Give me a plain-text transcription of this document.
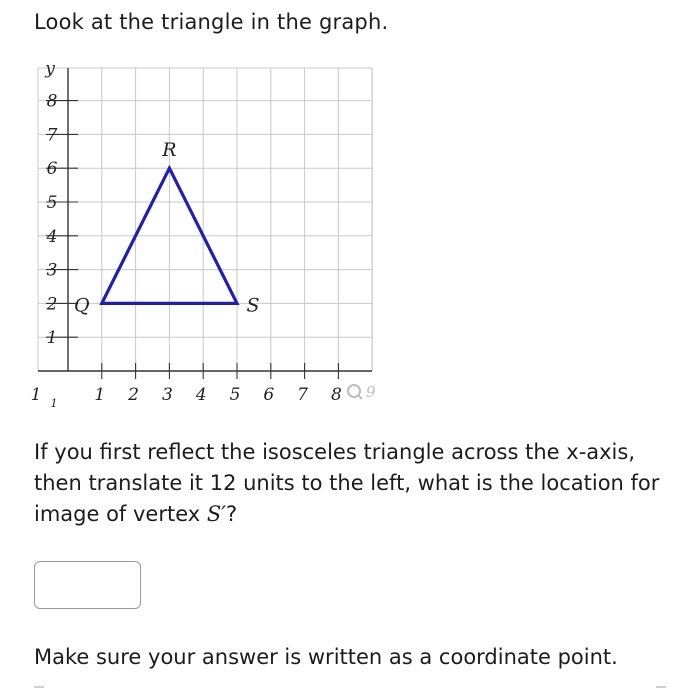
Look at the triangle in the graph.
8
7
6
5
4
3
2
1
y
1 2 3 4 5 6 7 8
1 1
Q
R
S
9
If you first reflect the isosceles triangle across the x-axis, then translate it 12 units to the left, what is the location for image of vertex S′?
Make sure your answer is written as a coordinate point.
